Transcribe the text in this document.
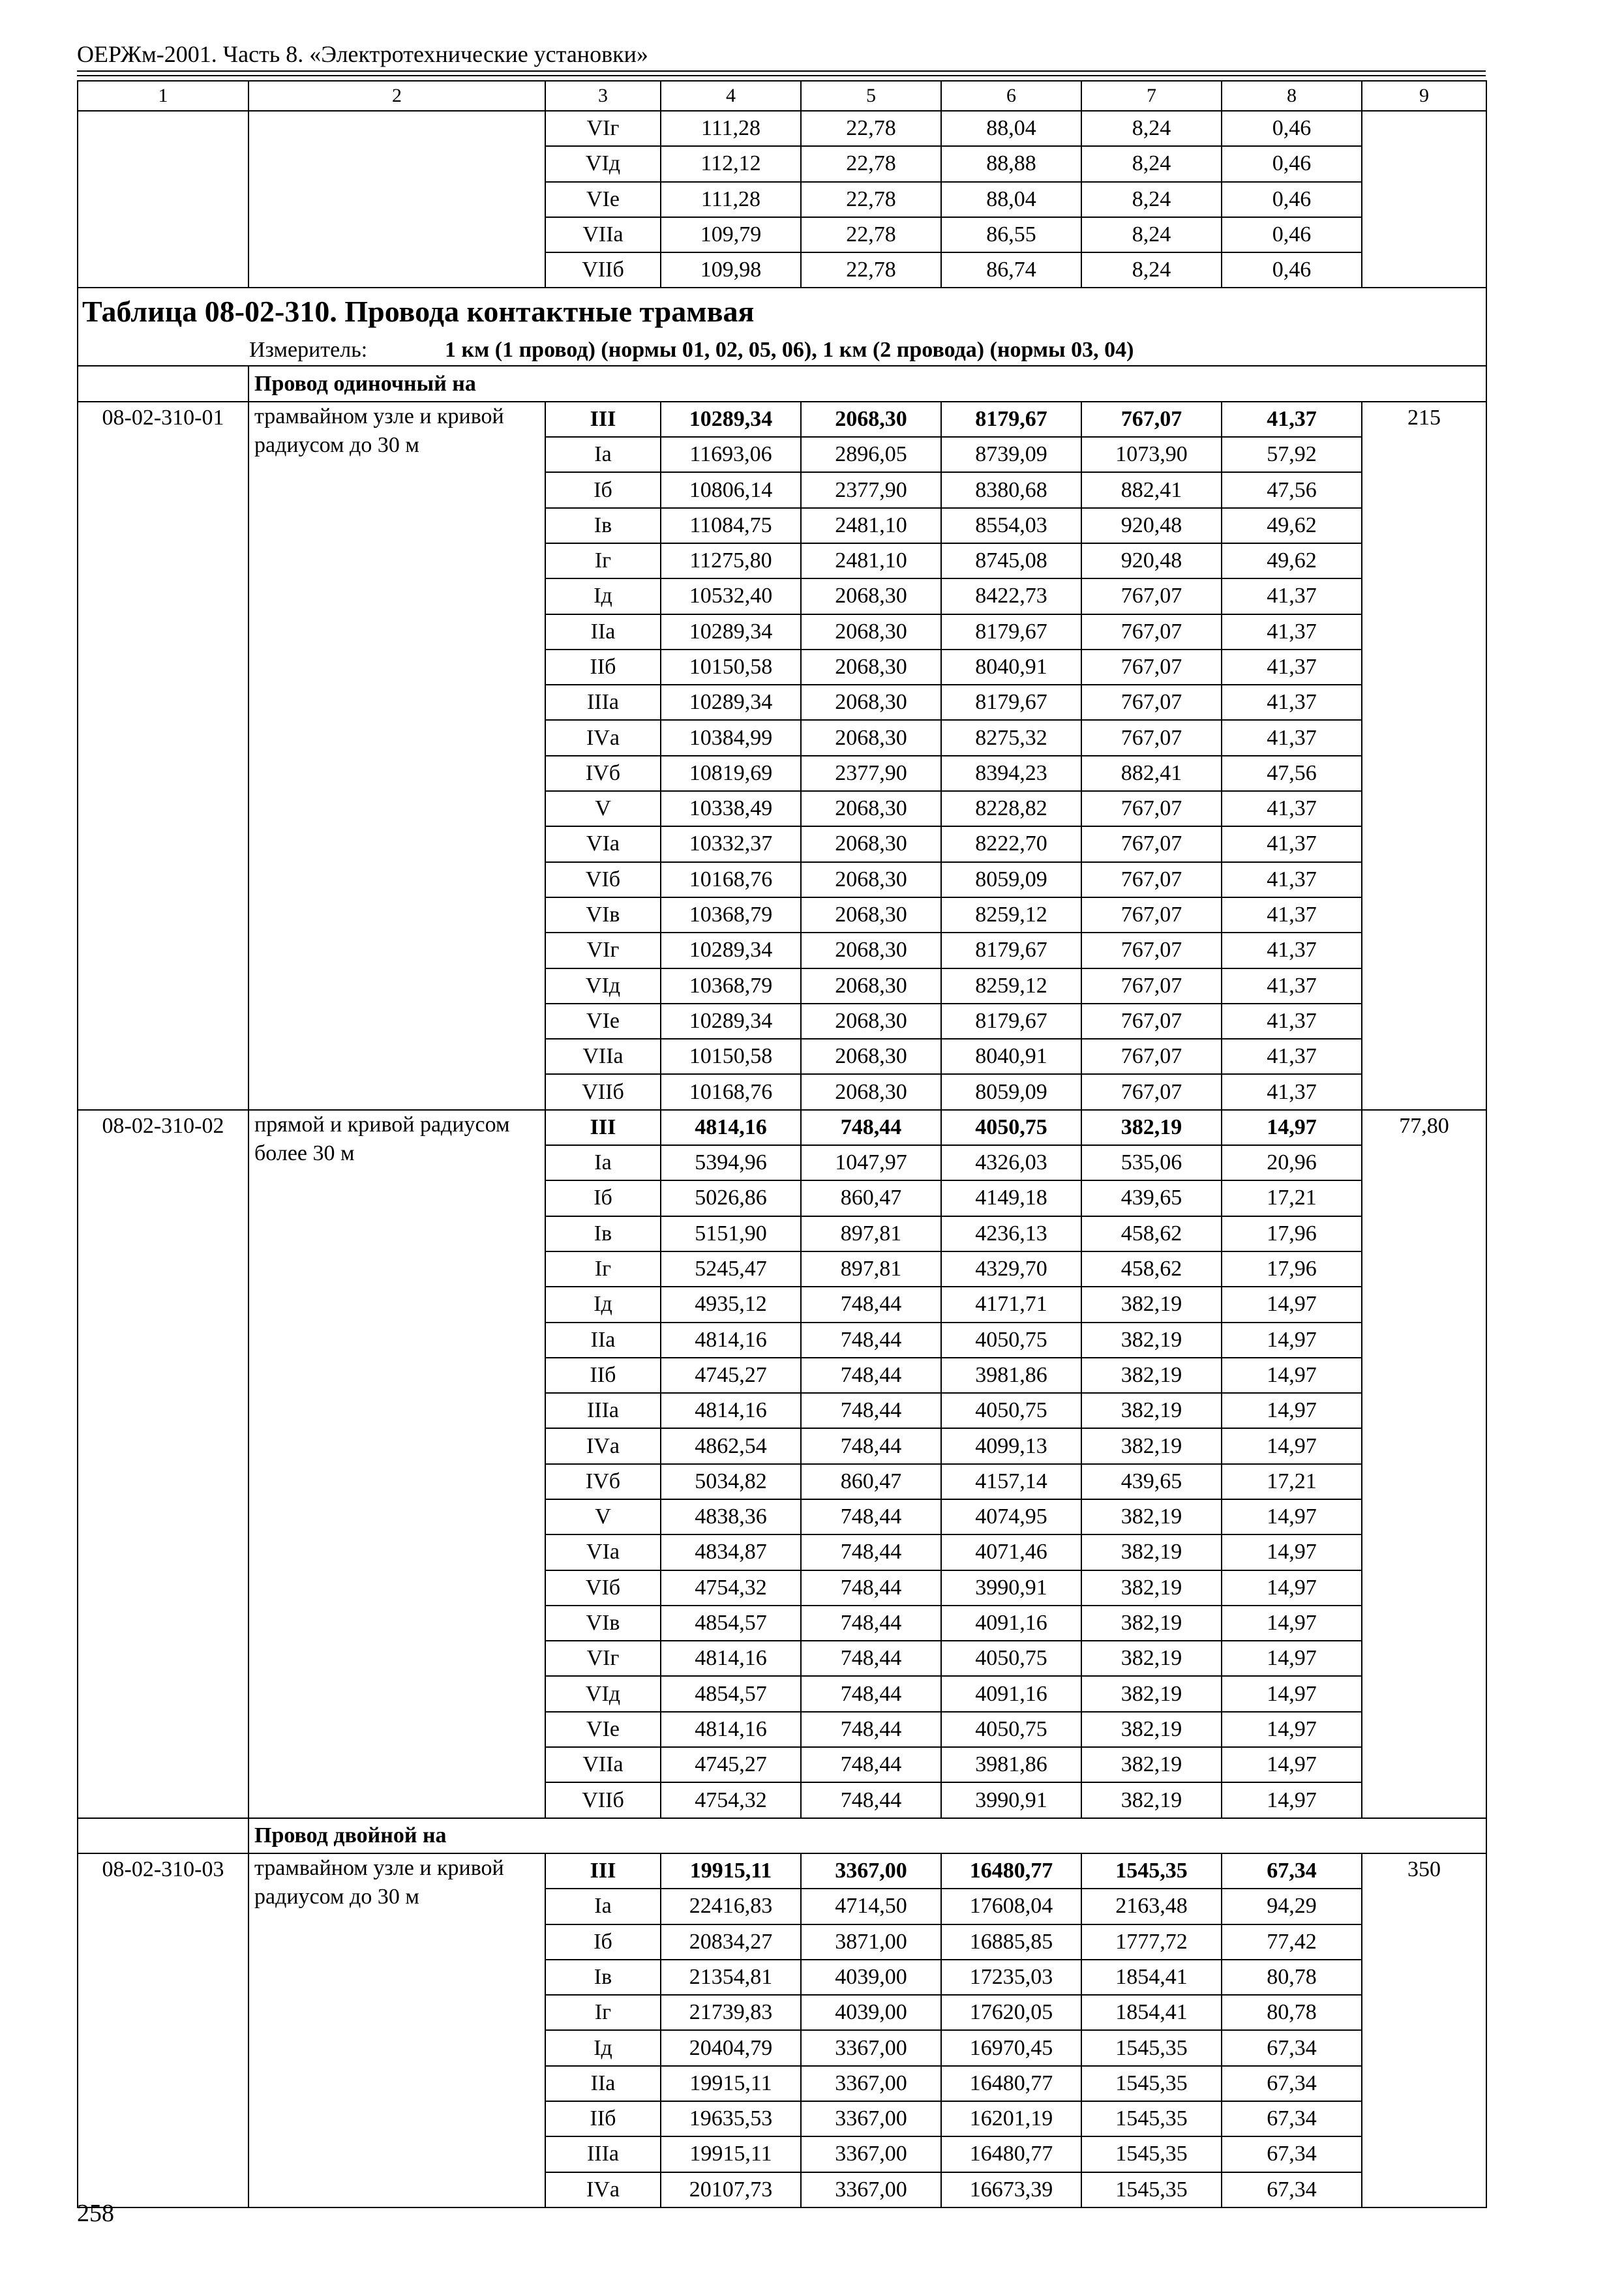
ОЕРЖм-2001. Часть 8. «Электротехнические установки»
1	2	3	4	5	6	7	8	9
		VIг	111,28	22,78	88,04	8,24	0,46	
		VIд	112,12	22,78	88,88	8,24	0,46	
		VIе	111,28	22,78	88,04	8,24	0,46	
		VIIа	109,79	22,78	86,55	8,24	0,46	
		VIIб	109,98	22,78	86,74	8,24	0,46	
Таблица 08-02-310. Провода контактные трамвая								
Измеритель: 1 км (1 провод) (нормы 01, 02, 05, 06), 1 км (2 провода) (нормы 03, 04)								
	Провод одиночный на							
08-02-310-01	трамвайном узле и кривой радиусом до 30 м	III	10289,34	2068,30	8179,67	767,07	41,37	215
		Iа	11693,06	2896,05	8739,09	1073,90	57,92	
		Iб	10806,14	2377,90	8380,68	882,41	47,56	
		Iв	11084,75	2481,10	8554,03	920,48	49,62	
		Iг	11275,80	2481,10	8745,08	920,48	49,62	
		Iд	10532,40	2068,30	8422,73	767,07	41,37	
		IIа	10289,34	2068,30	8179,67	767,07	41,37	
		IIб	10150,58	2068,30	8040,91	767,07	41,37	
		IIIа	10289,34	2068,30	8179,67	767,07	41,37	
		IVа	10384,99	2068,30	8275,32	767,07	41,37	
		IVб	10819,69	2377,90	8394,23	882,41	47,56	
		V	10338,49	2068,30	8228,82	767,07	41,37	
		VIа	10332,37	2068,30	8222,70	767,07	41,37	
		VIб	10168,76	2068,30	8059,09	767,07	41,37	
		VIв	10368,79	2068,30	8259,12	767,07	41,37	
		VIг	10289,34	2068,30	8179,67	767,07	41,37	
		VIд	10368,79	2068,30	8259,12	767,07	41,37	
		VIе	10289,34	2068,30	8179,67	767,07	41,37	
		VIIа	10150,58	2068,30	8040,91	767,07	41,37	
		VIIб	10168,76	2068,30	8059,09	767,07	41,37	
08-02-310-02	прямой и кривой радиусом более 30 м	III	4814,16	748,44	4050,75	382,19	14,97	77,80
		Iа	5394,96	1047,97	4326,03	535,06	20,96	
		Iб	5026,86	860,47	4149,18	439,65	17,21	
		Iв	5151,90	897,81	4236,13	458,62	17,96	
		Iг	5245,47	897,81	4329,70	458,62	17,96	
		Iд	4935,12	748,44	4171,71	382,19	14,97	
		IIа	4814,16	748,44	4050,75	382,19	14,97	
		IIб	4745,27	748,44	3981,86	382,19	14,97	
		IIIа	4814,16	748,44	4050,75	382,19	14,97	
		IVа	4862,54	748,44	4099,13	382,19	14,97	
		IVб	5034,82	860,47	4157,14	439,65	17,21	
		V	4838,36	748,44	4074,95	382,19	14,97	
		VIа	4834,87	748,44	4071,46	382,19	14,97	
		VIб	4754,32	748,44	3990,91	382,19	14,97	
		VIв	4854,57	748,44	4091,16	382,19	14,97	
		VIг	4814,16	748,44	4050,75	382,19	14,97	
		VIд	4854,57	748,44	4091,16	382,19	14,97	
		VIе	4814,16	748,44	4050,75	382,19	14,97	
		VIIа	4745,27	748,44	3981,86	382,19	14,97	
		VIIб	4754,32	748,44	3990,91	382,19	14,97	
	Провод двойной на							
08-02-310-03	трамвайном узле и кривой радиусом до 30 м	III	19915,11	3367,00	16480,77	1545,35	67,34	350
		Iа	22416,83	4714,50	17608,04	2163,48	94,29	
		Iб	20834,27	3871,00	16885,85	1777,72	77,42	
		Iв	21354,81	4039,00	17235,03	1854,41	80,78	
		Iг	21739,83	4039,00	17620,05	1854,41	80,78	
		Iд	20404,79	3367,00	16970,45	1545,35	67,34	
		IIа	19915,11	3367,00	16480,77	1545,35	67,34	
		IIб	19635,53	3367,00	16201,19	1545,35	67,34	
		IIIа	19915,11	3367,00	16480,77	1545,35	67,34	
		IVа	20107,73	3367,00	16673,39	1545,35	67,34	
258
